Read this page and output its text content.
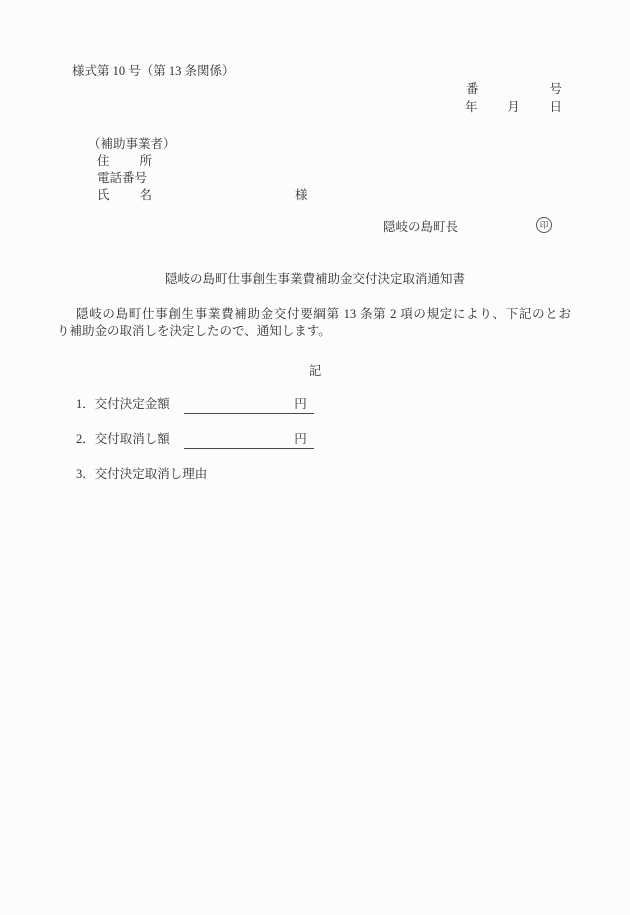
様式第 10 号（第 13 条関係）
番	号
年 月 日
（補助事業者）
住 所
電話番号
氏 名	様
隠岐の島町長	印
隠岐の島町仕事創生事業費補助金交付決定取消通知書
隠岐の島町仕事創生事業費補助金交付要綱第 13 条第 2 項の規定により、下記のとお
り補助金の取消しを決定したので、通知します。
記
1．交付決定金額	円
2．交付取消し額	円
3．交付決定取消し理由
